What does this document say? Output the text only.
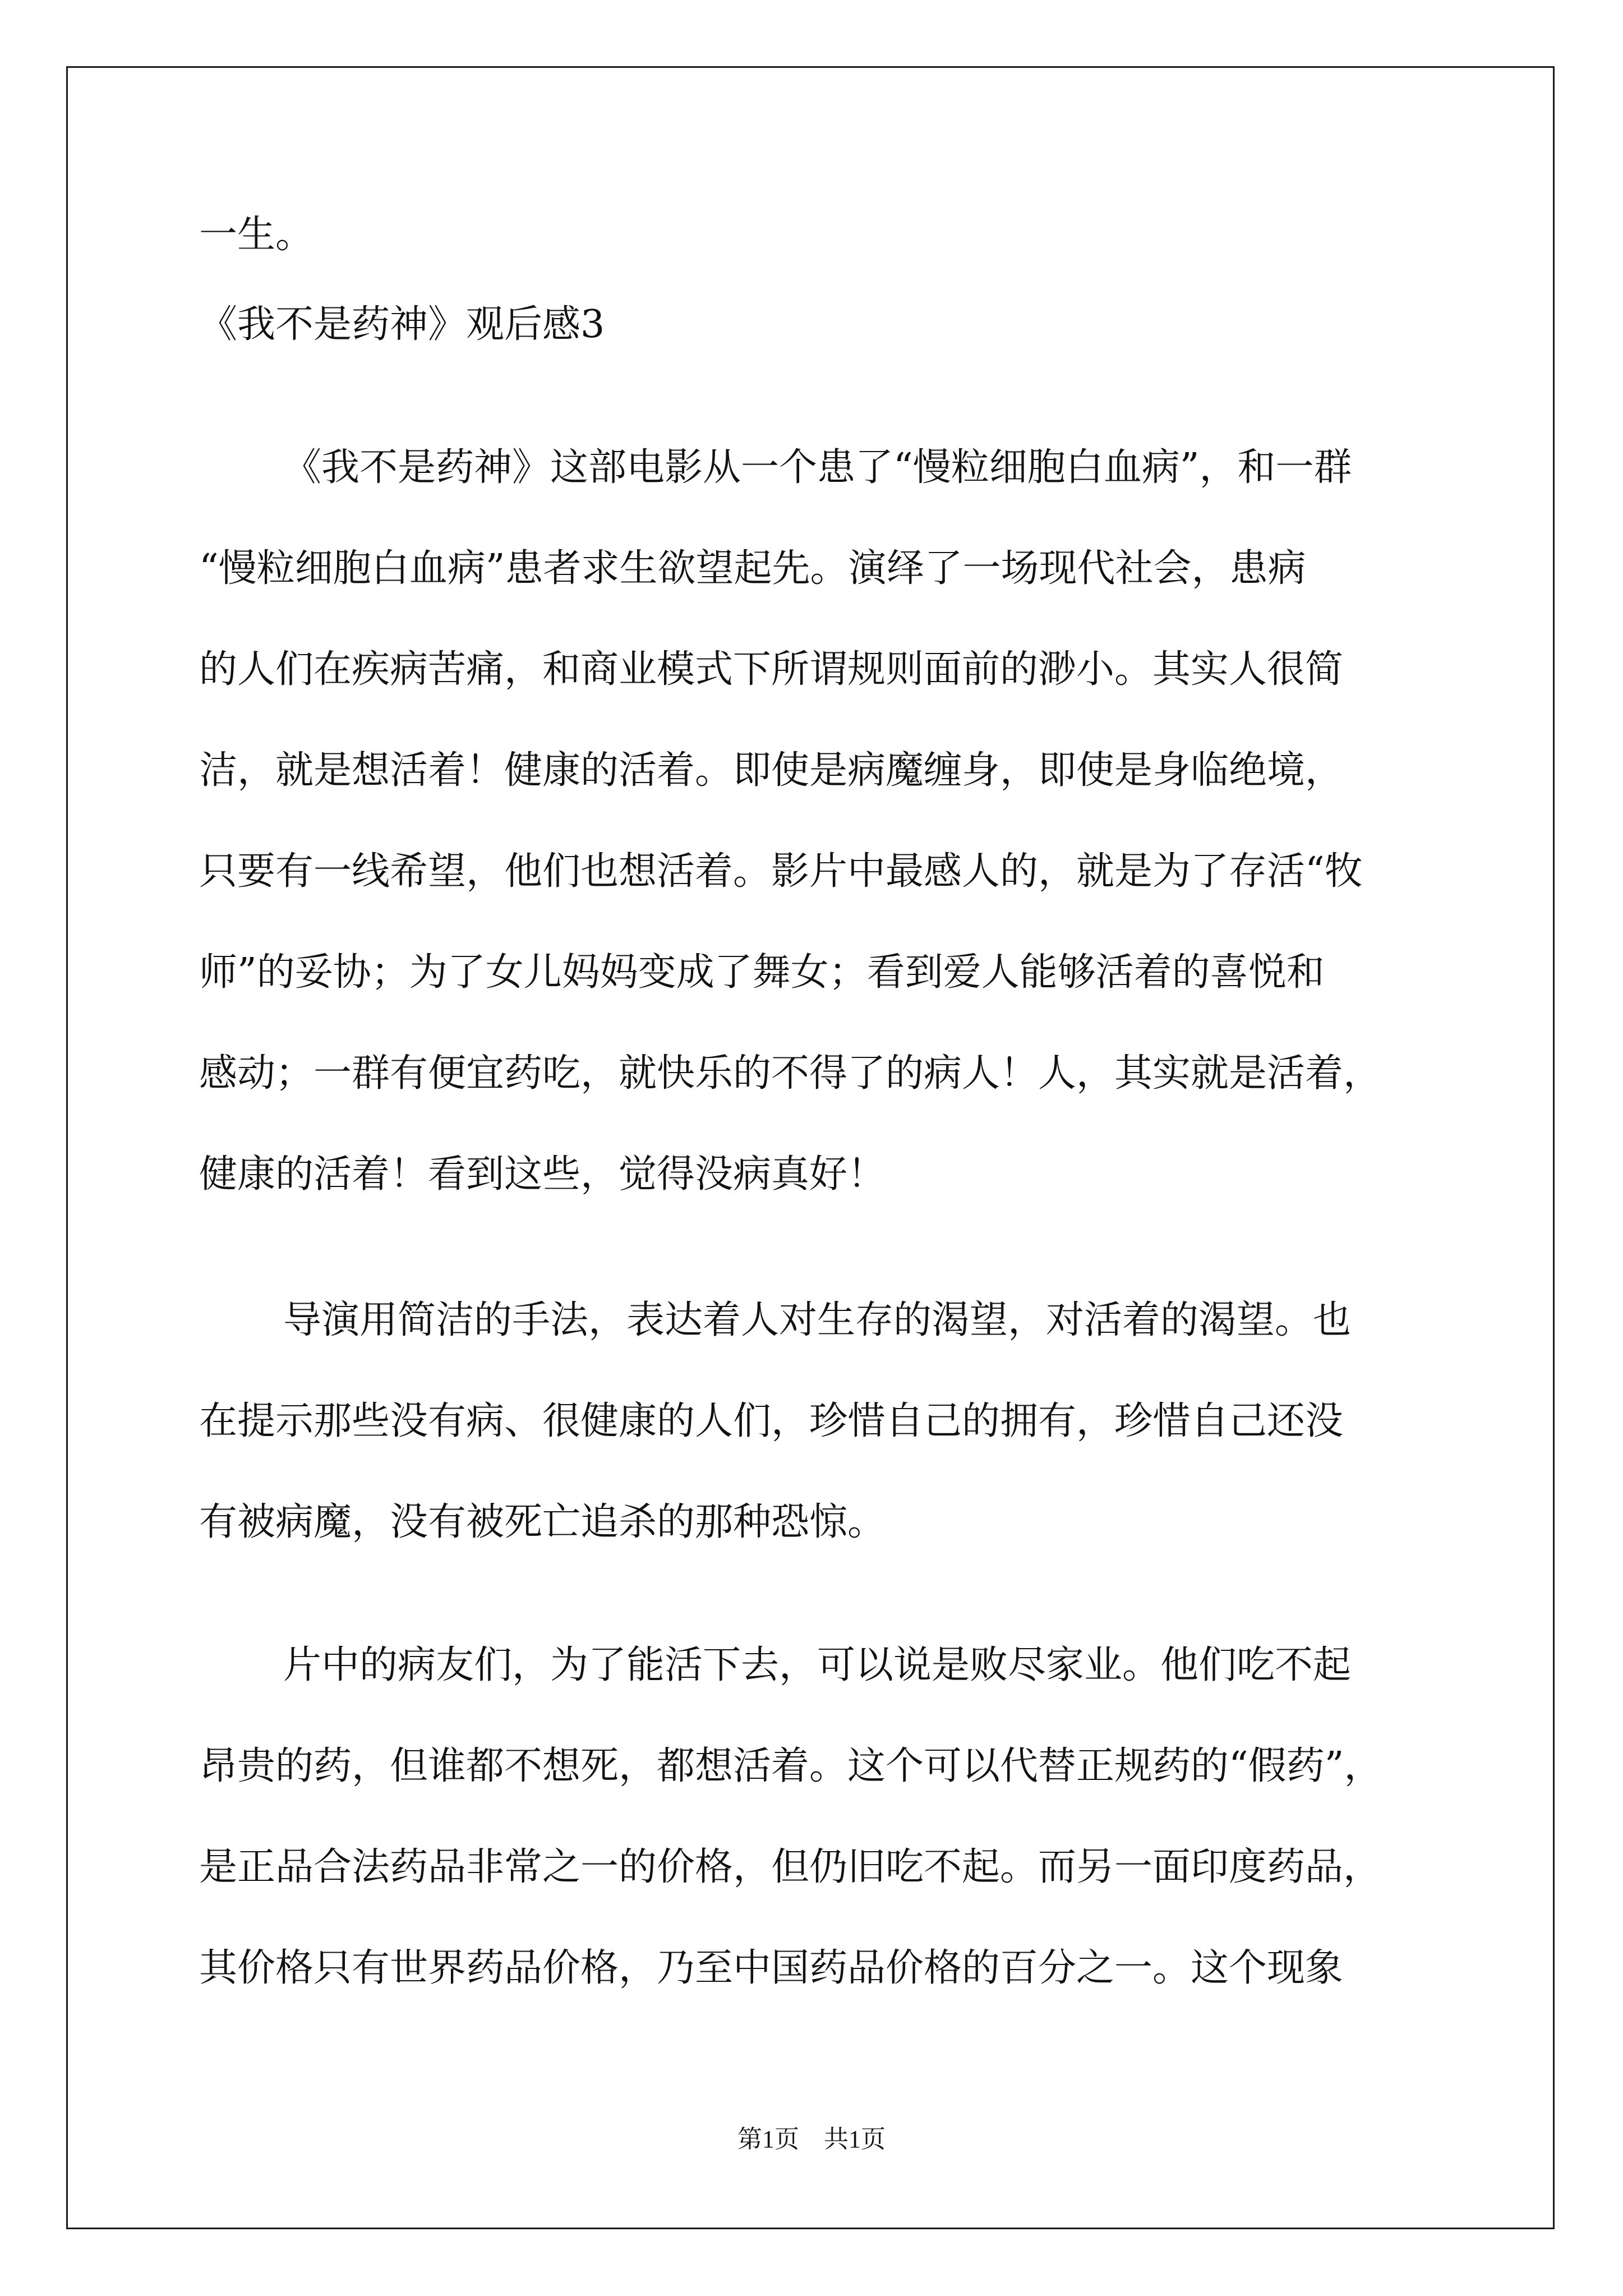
一生。

《我不是药神》观后感3

《我不是药神》这部电影从一个患了“慢粒细胞白血病”，和一群

“慢粒细胞白血病”患者求生欲望起先。演绎了一场现代社会，患病

的人们在疾病苦痛，和商业模式下所谓规则面前的渺小。其实人很简

洁，就是想活着！健康的活着。即使是病魔缠身，即使是身临绝境，

只要有一线希望，他们也想活着。影片中最感人的，就是为了存活“牧

师”的妥协；为了女儿妈妈变成了舞女；看到爱人能够活着的喜悦和

感动；一群有便宜药吃，就快乐的不得了的病人！人，其实就是活着，

健康的活着！看到这些，觉得没病真好！

导演用简洁的手法，表达着人对生存的渴望，对活着的渴望。也

在提示那些没有病、很健康的人们，珍惜自己的拥有，珍惜自己还没

有被病魔，没有被死亡追杀的那种恐惊。

片中的病友们，为了能活下去，可以说是败尽家业。他们吃不起

昂贵的药，但谁都不想死，都想活着。这个可以代替正规药的“假药”，

是正品合法药品非常之一的价格，但仍旧吃不起。而另一面印度药品，

其价格只有世界药品价格，乃至中国药品价格的百分之一。这个现象

第1页　共1页
